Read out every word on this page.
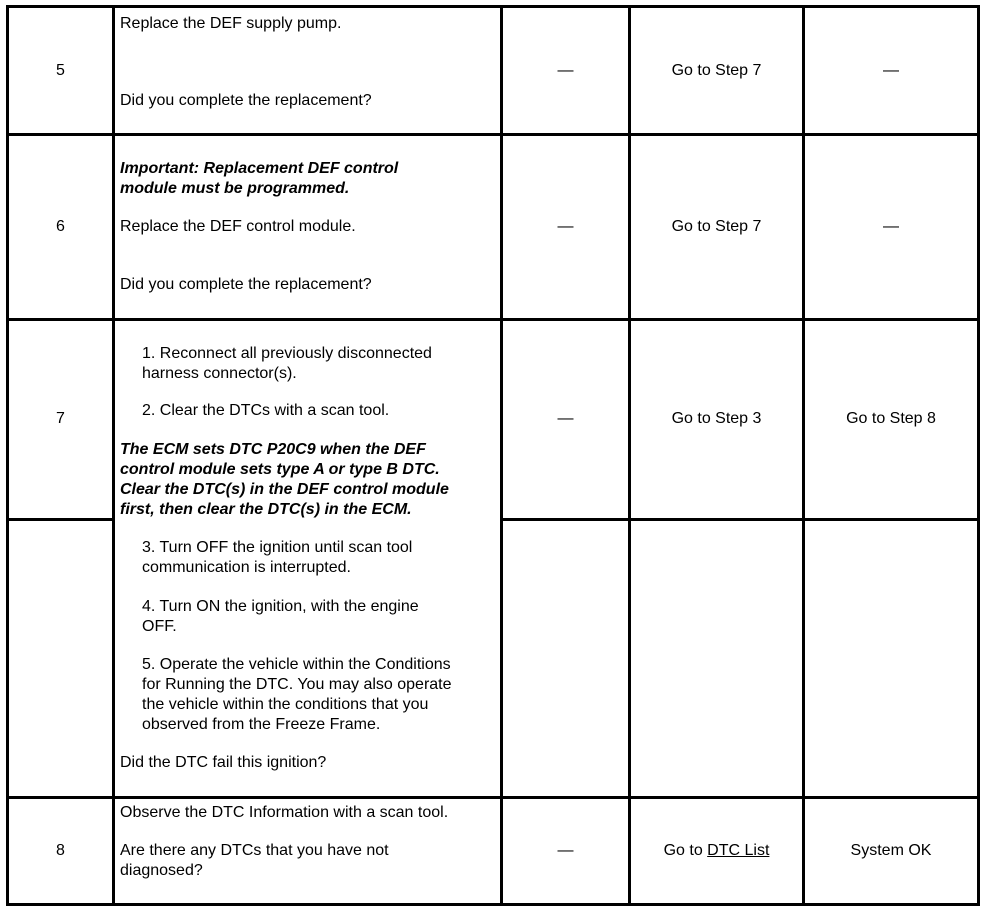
5
Replace the DEF supply pump.
Did you complete the replacement?
—	Go to Step 7	—
6
Important: Replacement DEF control
module must be programmed.
Replace the DEF control module.
Did you complete the replacement?
—	Go to Step 7	—
7
1. Reconnect all previously disconnected
harness connector(s).
2. Clear the DTCs with a scan tool.
The ECM sets DTC P20C9 when the DEF
control module sets type A or type B DTC.
Clear the DTC(s) in the DEF control module
first, then clear the DTC(s) in the ECM.
3. Turn OFF the ignition until scan tool
communication is interrupted.
4. Turn ON the ignition, with the engine
OFF.
5. Operate the vehicle within the Conditions
for Running the DTC. You may also operate
the vehicle within the conditions that you
observed from the Freeze Frame.
Did the DTC fail this ignition?
—	Go to Step 3	Go to Step 8
8
Observe the DTC Information with a scan tool.
Are there any DTCs that you have not
diagnosed?
—	Go to DTC List	System OK
